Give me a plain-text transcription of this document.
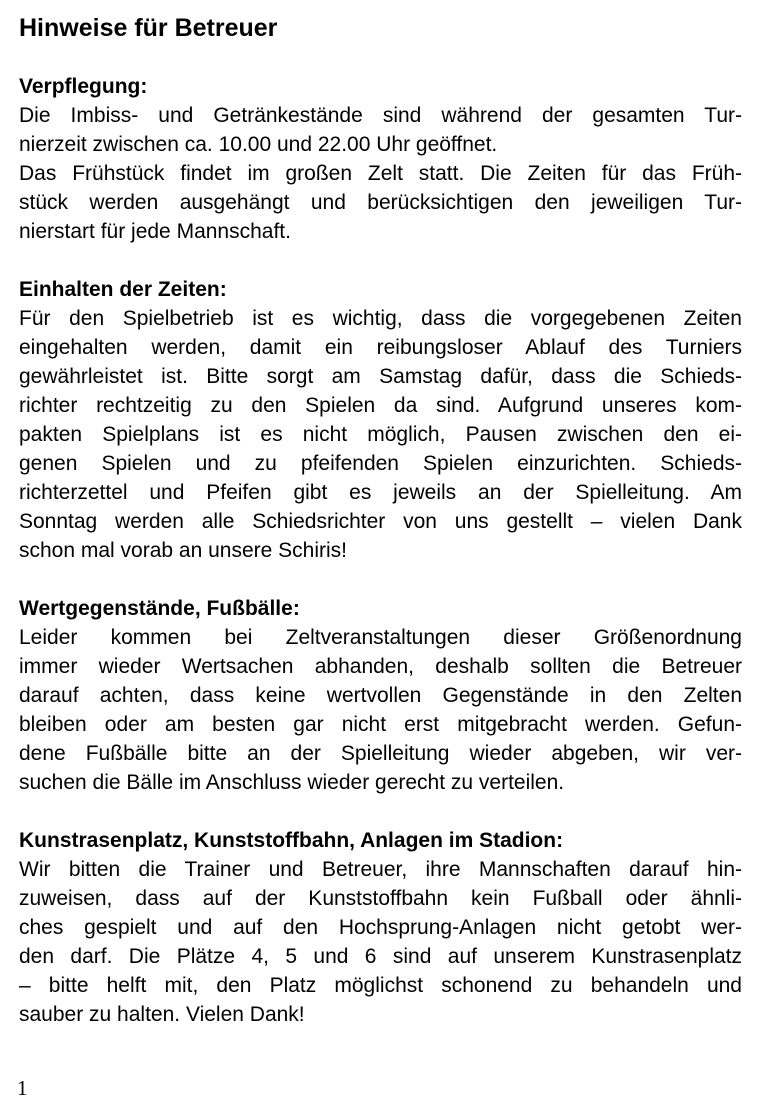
Hinweise für Betreuer
Verpflegung:
Die Imbiss- und Getränkestände sind während der gesamten Tur-
nierzeit zwischen ca. 10.00 und 22.00 Uhr geöffnet.
Das Frühstück findet im großen Zelt statt. Die Zeiten für das Früh-
stück werden ausgehängt und berücksichtigen den jeweiligen Tur-
nierstart für jede Mannschaft.
Einhalten der Zeiten:
Für den Spielbetrieb ist es wichtig, dass die vorgegebenen Zeiten
eingehalten werden, damit ein reibungsloser Ablauf des Turniers
gewährleistet ist. Bitte sorgt am Samstag dafür, dass die Schieds-
richter rechtzeitig zu den Spielen da sind. Aufgrund unseres kom-
pakten Spielplans ist es nicht möglich, Pausen zwischen den ei-
genen Spielen und zu pfeifenden Spielen einzurichten. Schieds-
richterzettel und Pfeifen gibt es jeweils an der Spielleitung. Am
Sonntag werden alle Schiedsrichter von uns gestellt – vielen Dank
schon mal vorab an unsere Schiris!
Wertgegenstände, Fußbälle:
Leider kommen bei Zeltveranstaltungen dieser Größenordnung
immer wieder Wertsachen abhanden, deshalb sollten die Betreuer
darauf achten, dass keine wertvollen Gegenstände in den Zelten
bleiben oder am besten gar nicht erst mitgebracht werden. Gefun-
dene Fußbälle bitte an der Spielleitung wieder abgeben, wir ver-
suchen die Bälle im Anschluss wieder gerecht zu verteilen.
Kunstrasenplatz, Kunststoffbahn, Anlagen im Stadion:
Wir bitten die Trainer und Betreuer, ihre Mannschaften darauf hin-
zuweisen, dass auf der Kunststoffbahn kein Fußball oder ähnli-
ches gespielt und auf den Hochsprung-Anlagen nicht getobt wer-
den darf. Die Plätze 4, 5 und 6 sind auf unserem Kunstrasenplatz
– bitte helft mit, den Platz möglichst schonend zu behandeln und
sauber zu halten. Vielen Dank!
1
